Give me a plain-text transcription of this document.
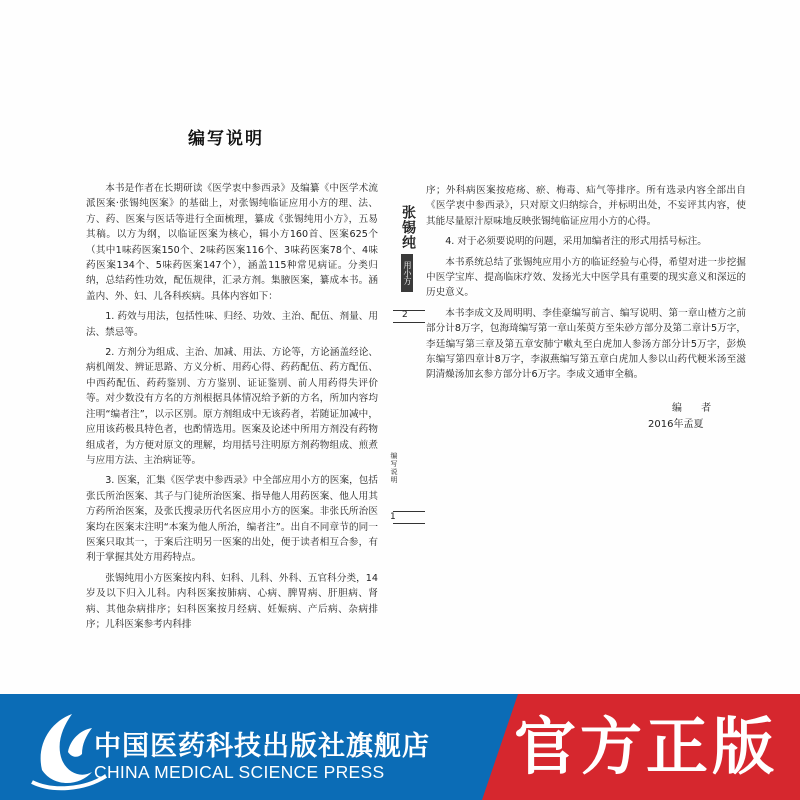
编写说明

本书是作者在长期研读《医学衷中参西录》及编纂《中医学术流派医案·张锡纯医案》的基础上，对张锡纯临证应用小方的理、法、方、药、医案与医话等进行全面梳理，纂成《张锡纯用小方》，五易其稿。以方为纲，以临证医案为核心，辑小方160首、医案625个（其中1味药医案150个、2味药医案116个、3味药医案78个、4味药医案134个、5味药医案147个），涵盖115种常见病证。分类归纳，总结药性功效，配伍规律，汇录方剂。集腋医案，纂成本书。涵盖内、外、妇、儿各科疾病。具体内容如下：

1. 药效与用法，包括性味、归经、功效、主治、配伍、剂量、用法、禁忌等。

2. 方剂分为组成、主治、加减、用法、方论等，方论涵盖经论、病机阐发、辨证思路、方义分析、用药心得、药药配伍、药方配伍、中西药配伍、药药鉴别、方方鉴别、证证鉴别、前人用药得失评价等。对少数没有方名的方剂根据具体情况给予新的方名，所加内容均注明“编者注”，以示区别。原方剂组成中无该药者，若随证加减中，应用该药极具特色者，也酌情选用。医案及论述中所用方剂没有药物组成者，为方便对原文的理解，均用括号注明原方剂药物组成、煎煮与应用方法、主治病证等。

3. 医案，汇集《医学衷中参西录》中全部应用小方的医案，包括张氏所治医案、其子与门徒所治医案、指导他人用药医案、他人用其方药所治医案，及张氏搜录历代名医应用小方的医案。非张氏所治医案均在医案末注明“本案为他人所治，编者注”。出自不同章节的同一医案只取其一，于案后注明另一医案的出处，便于读者相互合参，有利于掌握其处方用药特点。

张锡纯用小方医案按内科、妇科、儿科、外科、五官科分类，14岁及以下归入儿科。内科医案按肺病、心病、脾胃病、肝胆病、肾病、其他杂病排序；妇科医案按月经病、妊娠病、产后病、杂病排序；儿科医案参考内科排

序；外科病医案按疮疡、瘀、梅毒、疝气等排序。所有选录内容全部出自《医学衷中参西录》，只对原文归纳综合，并标明出处，不妄评其内容，使其能尽量原汁原味地反映张锡纯临证应用小方的心得。

4. 对于必须要说明的问题，采用加编者注的形式用括号标注。

本书系统总结了张锡纯应用小方的临证经验与心得，希望对进一步挖掘中医学宝库、提高临床疗效、发扬光大中医学具有重要的现实意义和深远的历史意义。

本书李成文及周明明、李佳豪编写前言、编写说明、第一章山楂方之前部分计8万字，包海琦编写第一章山茱萸方至朱砂方部分及第二章计5万字，李廷编写第三章及第五章安肺宁嗽丸至白虎加人参汤方部分计5万字，彭焕东编写第四章计8万字，李淑燕编写第五章白虎加人参以山药代粳米汤至滋阴清燥汤加玄参方部分计6万字。李成文通审全稿。

编 者
2016年孟夏
张锡纯
用小方
2
编写说明
1
中国医药科技出版社旗舰店
CHINA MEDICAL SCIENCE PRESS 官方正版
